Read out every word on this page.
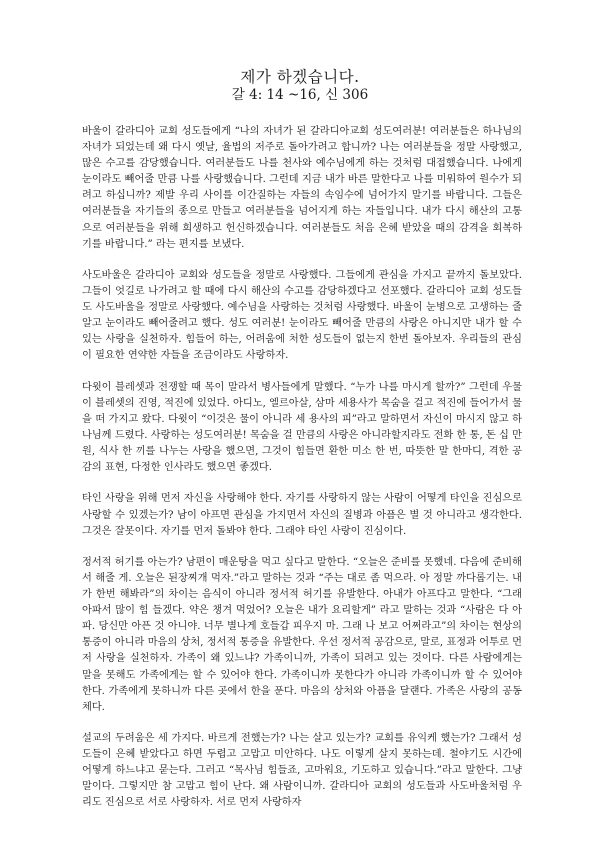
제가 하겠습니다.
갈 4: 14 ~16, 신 306

바울이 갈라디아 교회 성도들에게 “나의 자녀가 된 갈라디아교회 성도여러분! 여러분들은 하나님의 자녀가 되었는데 왜 다시 옛날, 율법의 저주로 돌아가려고 합니까? 나는 여러분들을 정말 사랑했고, 많은 수고를 감당했습니다. 여러분들도 나를 천사와 예수님에게 하는 것처럼 대접했습니다. 나에게 눈이라도 빼어줄 만큼 나를 사랑했습니다. 그런데 지금 내가 바른 말한다고 나를 미워하여 원수가 되려고 하십니까? 제발 우리 사이를 이간질하는 자들의 속임수에 넘어가지 말기를 바랍니다. 그들은 여러분들을 자기들의 종으로 만들고 여러분들을 넘어지게 하는 자들입니다. 내가 다시 해산의 고통으로 여러분들을 위해 희생하고 헌신하겠습니다. 여러분들도 처음 은혜 받았을 때의 감격을 회복하기를 바랍니다.” 라는 편지를 보냈다.

사도바울은 갈라디아 교회와 성도들을 정말로 사랑했다. 그들에게 관심을 가지고 끝까지 돌보았다. 그들이 엇길로 나가려고 할 때에 다시 해산의 수고를 감당하겠다고 선포했다. 갈라디아 교회 성도들도 사도바울을 정말로 사랑했다. 예수님을 사랑하는 것처럼 사랑했다. 바울이 눈병으로 고생하는 줄 알고 눈이라도 빼어줄려고 했다. 성도 여러분! 눈이라도 빼어줄 만큼의 사랑은 아니지만 내가 할 수 있는 사랑을 실천하자. 힘들어 하는, 어려움에 처한 성도들이 없는지 한번 돌아보자. 우리들의 관심이 필요한 연약한 자들을 조금이라도 사랑하자.

다윗이 블레셋과 전쟁할 때 목이 말라서 병사들에게 말했다. “누가 나를 마시게 할까?” 그런데 우물이 블레셋의 진영, 적진에 있었다. 아디노, 엘르아살, 삼마 세용사가 목숨을 걸고 적진에 들어가서 물을 떠 가지고 왔다. 다윗이 “이것은 물이 아니라 세 용사의 피”라고 말하면서 자신이 마시지 않고 하나님께 드렸다. 사랑하는 성도여러분! 목숨을 걸 만큼의 사랑은 아니라할지라도 전화 한 통, 돈 십 만원, 식사 한 끼를 나누는 사랑을 했으면, 그것이 힘들면 환한 미소 한 번, 따뜻한 말 한마디, 격한 공감의 표현, 다정한 인사라도 했으면 좋겠다.

타인 사랑을 위해 먼저 자신을 사랑해야 한다. 자기를 사랑하지 않는 사람이 어떻게 타인을 진심으로 사랑할 수 있겠는가? 남이 아프면 관심을 가지면서 자신의 질병과 아픔은 별 것 아니라고 생각한다. 그것은 잘못이다. 자기를 먼저 돌봐야 한다. 그래야 타인 사랑이 진심이다.

정서적 허기를 아는가? 남편이 매운탕을 먹고 싶다고 말한다. “오늘은 준비를 못했네. 다음에 준비해서 해줄 게. 오늘은 된장찌개 먹자.”라고 말하는 것과 “주는 대로 좀 먹으라. 아 정말 까다롭기는. 내가 한번 해봐라”의 차이는 음식이 아니라 정서적 허기를 유발한다. 아내가 아프다고 말한다. “그래 아파서 많이 힘 들겠다. 약은 챙겨 먹었어? 오늘은 내가 요리할게” 라고 말하는 것과 “사람은 다 아파. 당신만 아픈 것 아니야. 너무 별나게 호들갑 피우지 마. 그래 나 보고 어쩌라고”의 차이는 현상의 통증이 아니라 마음의 상처, 정서적 통증을 유발한다. 우선 정서적 공감으로, 말로, 표정과 어투로 먼저 사랑을 실천하자. 가족이 왜 있느냐? 가족이니까, 가족이 되려고 있는 것이다. 다른 사람에게는 말을 못해도 가족에게는 할 수 있어야 한다. 가족이니까 못한다가 아니라 가족이니까 할 수 있어야 한다. 가족에게 못하니까 다른 곳에서 한을 푼다. 마음의 상처와 아픔을 달랜다. 가족은 사랑의 공동체다.

설교의 두려움은 세 가지다. 바르게 전했는가? 나는 살고 있는가? 교회를 유익케 했는가? 그래서 성도들이 은혜 받았다고 하면 두렵고 고맙고 미안하다. 나도 이렇게 살지 못하는데. 철야기도 시간에 어떻게 하느냐고 묻는다. 그러고 “목사님 힘들죠, 고마워요, 기도하고 있습니다.”라고 말한다. 그냥 말이다. 그렇지만 참 고맙고 힘이 난다. 왜 사람이니까. 갈라디아 교회의 성도들과 사도바울처럼 우리도 진심으로 서로 사랑하자. 서로 먼저 사랑하자
